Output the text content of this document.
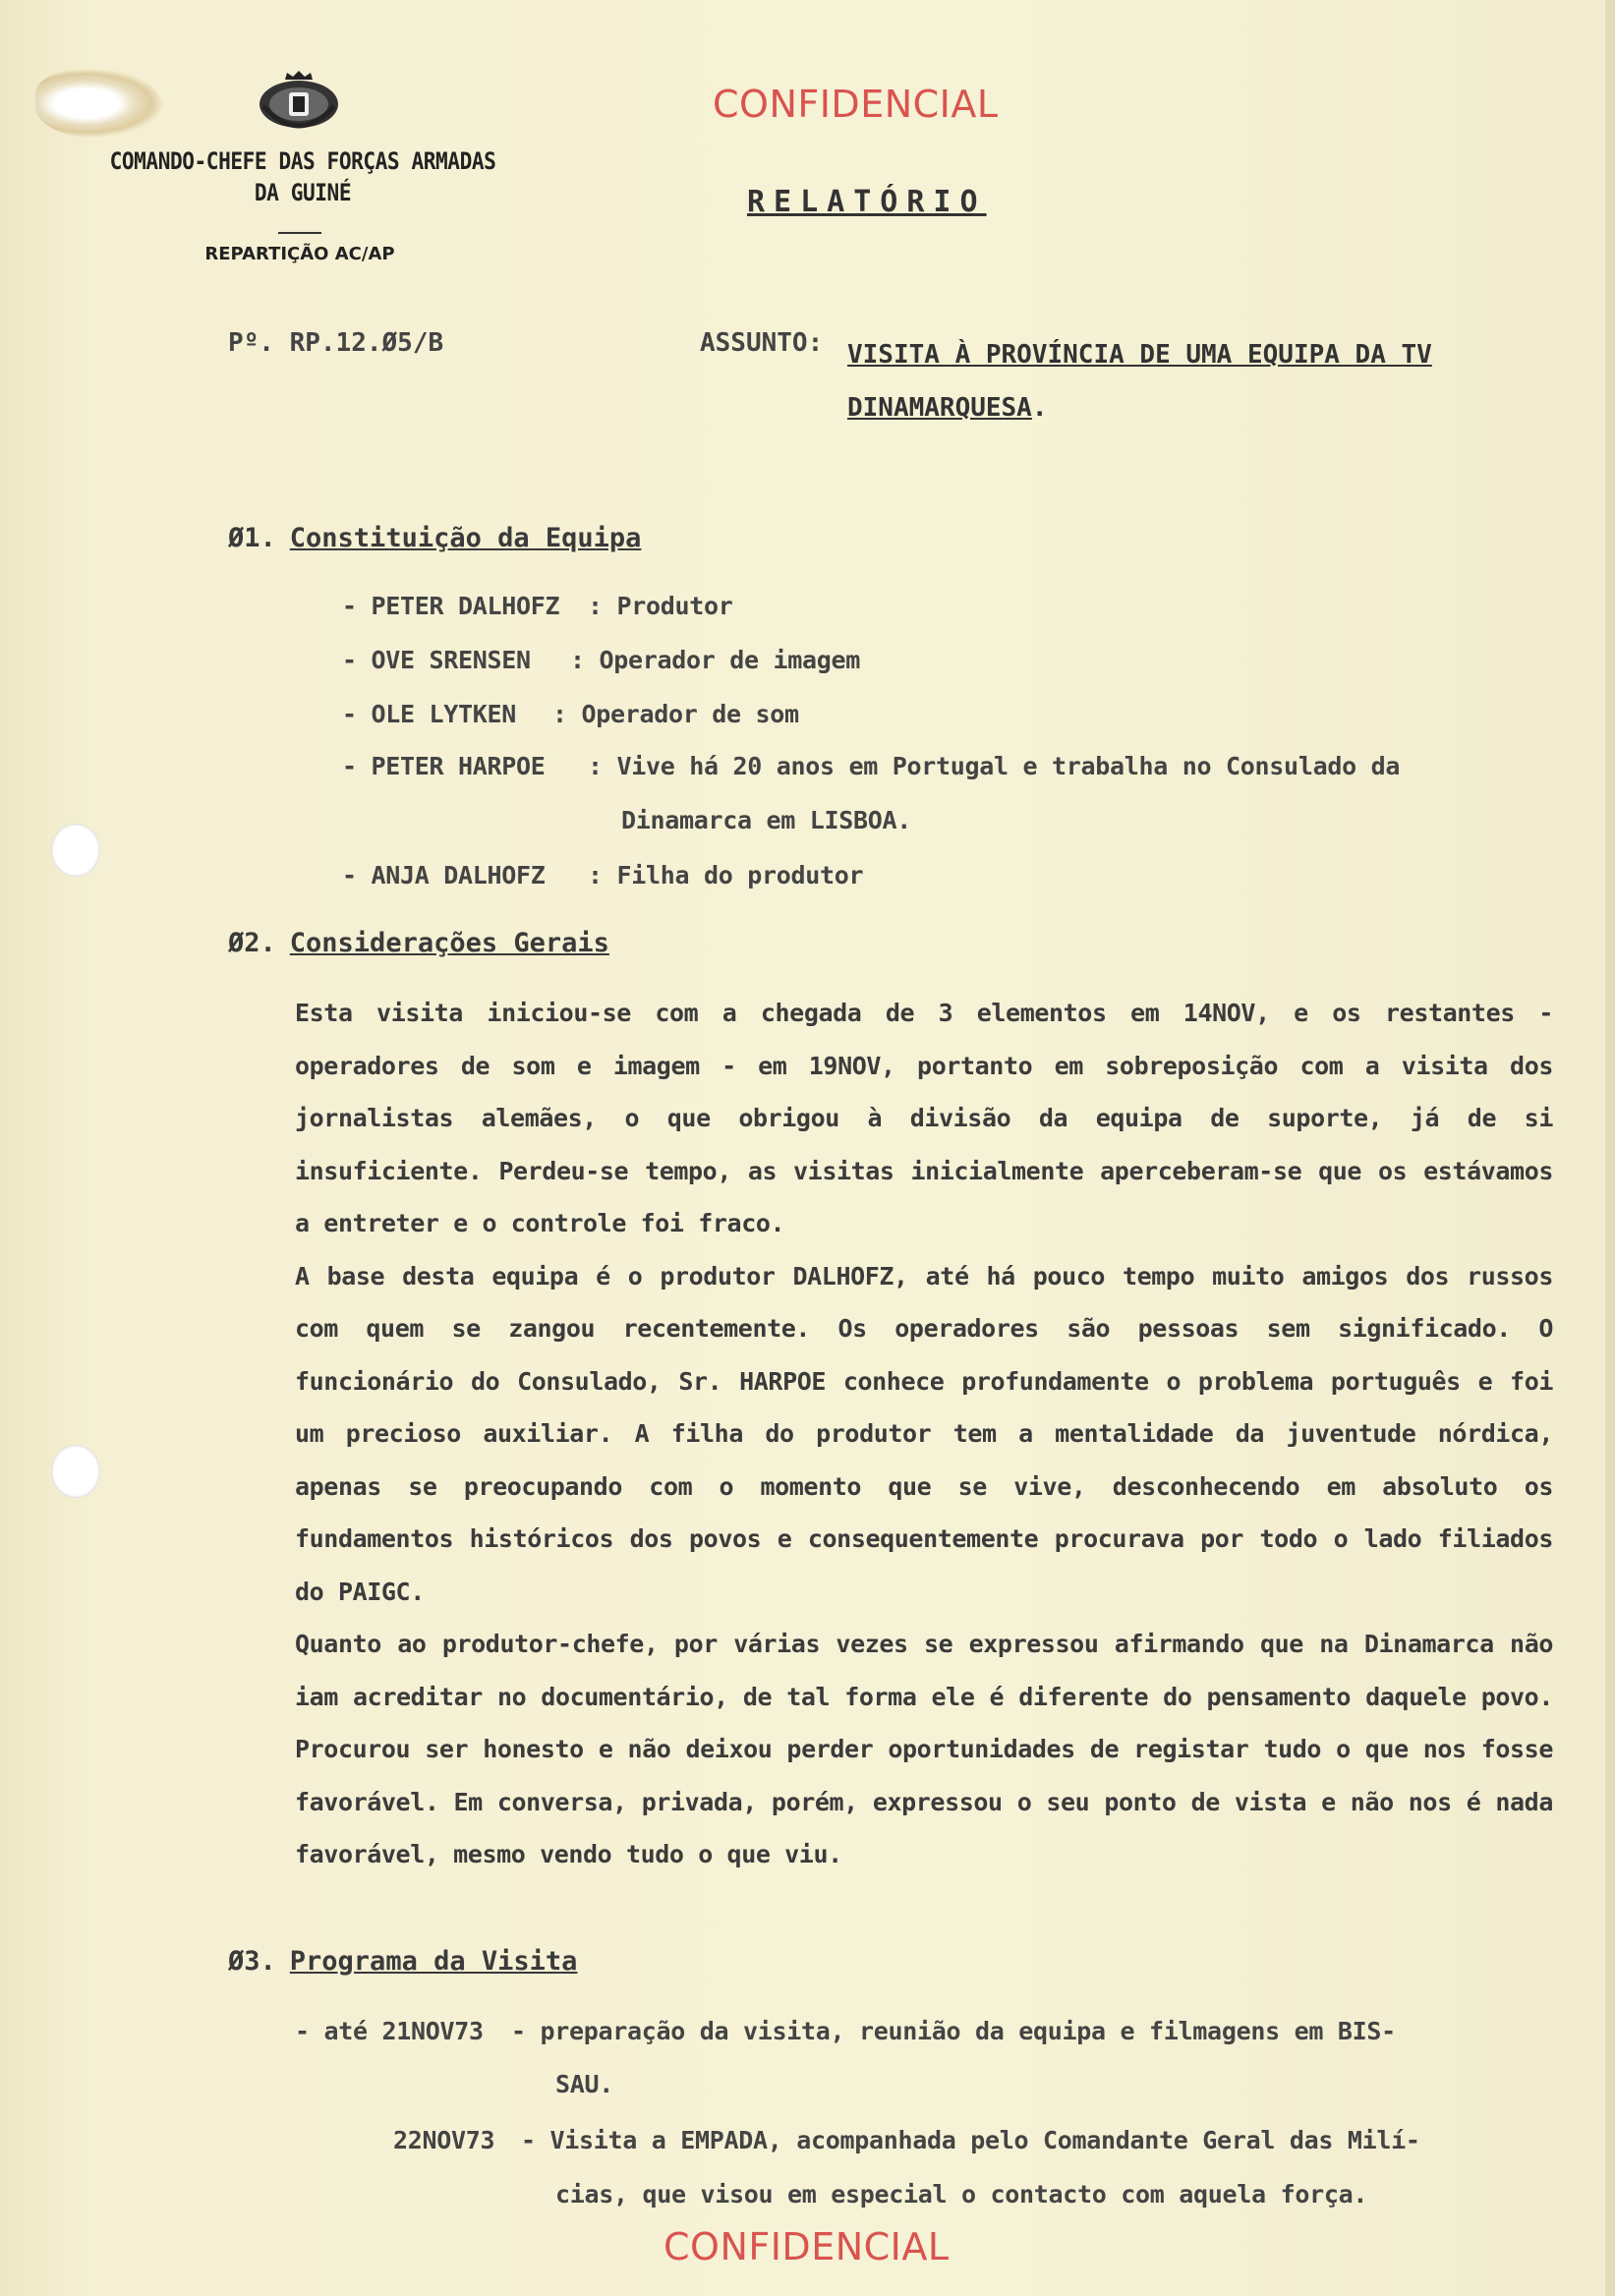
COMANDO-CHEFE DAS FORÇAS ARMADAS
DA GUINÉ
REPARTIÇÃO AC/AP
CONFIDENCIAL
RELATÓRIO
Pº. RP.12.Ø5/B	ASSUNTO: VISITA À PROVÍNCIA DE UMA EQUIPA DA TV
DINAMARQUESA.
Ø1. Constituição da Equipa
- PETER DALHOFZ : Produtor
- OVE SRENSEN : Operador de imagem
- OLE LYTKEN : Operador de som
- PETER HARPOE : Vive há 20 anos em Portugal e trabalha no Consulado da
Dinamarca em LISBOA.
- ANJA DALHOFZ : Filha do produtor
Ø2. Considerações Gerais

Esta visita iniciou-se com a chegada de 3 elementos em 14NOV, e os restantes - operadores de som e imagem - em 19NOV, portanto em sobreposição com a visita dos jornalistas alemães, o que obrigou à divisão da equipa de suporte, já de si insuficiente. Perdeu-se tempo, as visitas inicialmente aperceberam-se que os estávamos a entreter e o controle foi fraco.

A base desta equipa é o produtor DALHOFZ, até há pouco tempo muito amigos dos russos com quem se zangou recentemente. Os operadores são pessoas sem significado. O funcionário do Consulado, Sr. HARPOE conhece profundamente o problema português e foi um precioso auxiliar. A filha do produtor tem a mentalidade da juventude nórdica, apenas se preocupando com o momento que se vive, desconhecendo em absoluto os fundamentos históricos dos povos e consequentemente procurava por todo o lado filiados do PAIGC.

Quanto ao produtor-chefe, por várias vezes se expressou afirmando que na Dinamarca não iam acreditar no documentário, de tal forma ele é diferente do pensamento daquele povo. Procurou ser honesto e não deixou perder oportunidades de registar tudo o que nos fosse favorável. Em conversa, privada, porém, expressou o seu ponto de vista e não nos é nada favorável, mesmo vendo tudo o que viu.

Ø3. Programa da Visita
- até 21NOV73 - preparação da visita, reunião da equipa e filmagens em BIS-
SAU.
22NOV73 - Visita a EMPADA, acompanhada pelo Comandante Geral das Milí-
cias, que visou em especial o contacto com aquela força.
CONFIDENCIAL
